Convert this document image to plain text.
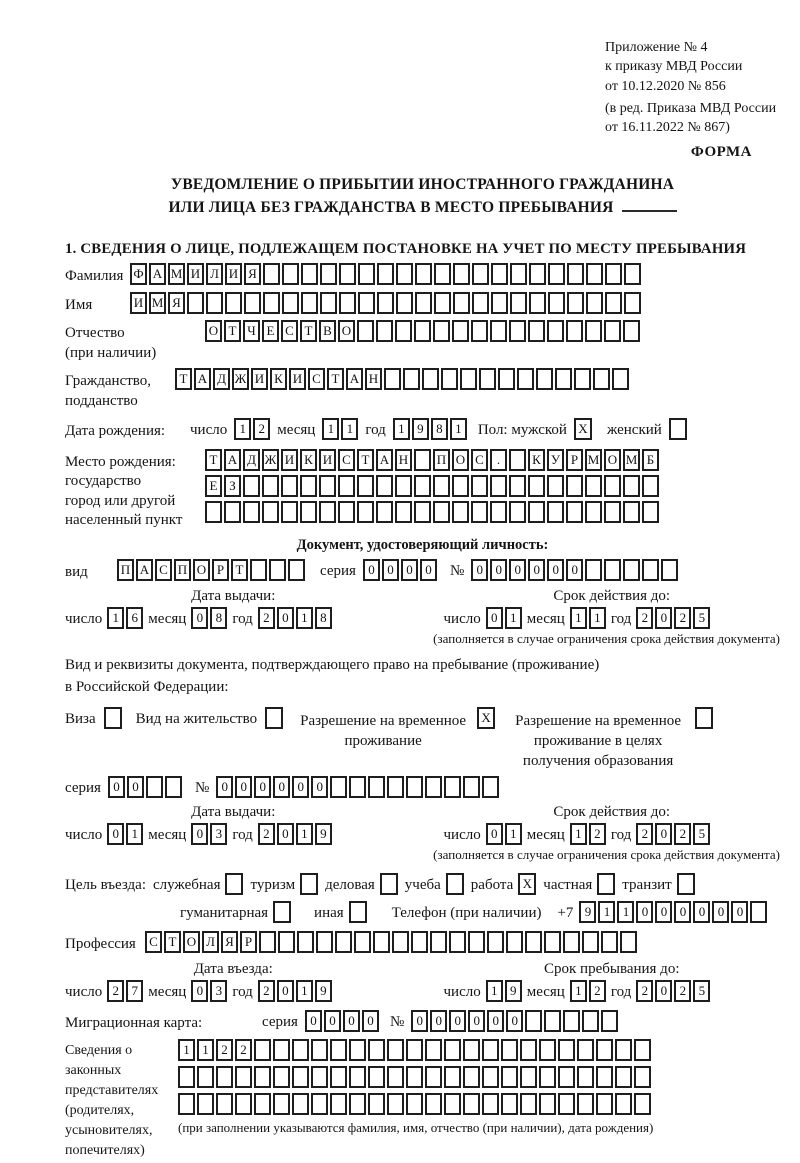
Приложение № 4
к приказу МВД России
от 10.12.2020 № 856
(в ред. Приказа МВД России
от 16.11.2022 № 867)
ФОРМА
УВЕДОМЛЕНИЕ О ПРИБЫТИИ ИНОСТРАННОГО ГРАЖДАНИНА
ИЛИ ЛИЦА БЕЗ ГРАЖДАНСТВА В МЕСТО ПРЕБЫВАНИЯ
1. СВЕДЕНИЯ О ЛИЦЕ, ПОДЛЕЖАЩЕМ ПОСТАНОВКЕ НА УЧЕТ ПО МЕСТУ ПРЕБЫВАНИЯ
Фамилия Ф А М И Л И Я
Имя	И М Я
Отчество
(при наличии)
О Т Ч Е С Т В О
Гражданство,
подданство
Т А Д Ж И К И С Т А Н
Дата рождения:	число 1 2 месяц 1 1 год 1 9 8 1	Пол: мужской X женский
Место рождения:
государство
город или другой
населенный пункт
Т А Д Ж И К И С Т А Н П О С	.	К У Р М О М Б
Е З
Документ, удостоверяющий личность:
вид	П А С П О Р Т	серия 0 0 0 0	№ 0 0 0 0 0 0
Дата выдачи:
число 1 6 месяц 0 8 год 2 0 1 8
Срок действия до:
число 0 1 месяц 1 1 год 2 0 2 5
(заполняется в случае ограничения срока действия документа)
Вид и реквизиты документа, подтверждающего право на пребывание (проживание)
в Российской Федерации:
Виза	Вид на жительство	Разрешение на временное
проживание
X	Разрешение на временное
проживание в целях
получения образования
серия 0 0	№ 0 0 0 0 0 0
Дата выдачи:
число 0 1 месяц 0 3 год 2 0 1 9
Срок действия до:
число 0 1 месяц 1 2 год 2 0 2 5
(заполняется в случае ограничения срока действия документа)
Цель въезда: служебная туризм деловая учеба работа X частная транзит
гуманитарная	иная	Телефон (при наличии) +7 9 1 1 0 0 0 0 0 0
Профессия	С Т О Л Я Р
Дата въезда:
число 2 7 месяц 0 3 год 2 0 1 9
Срок пребывания до:
число 1 9 месяц 1 2 год 2 0 2 5
Миграционная карта:	серия 0 0 0 0	№ 0 0 0 0 0 0
Сведения о
законных
представителях
(родителях,
усыновителях,
попечителях)
1 1 2 2
(при заполнении указываются фамилия, имя, отчество (при наличии), дата рождения)
